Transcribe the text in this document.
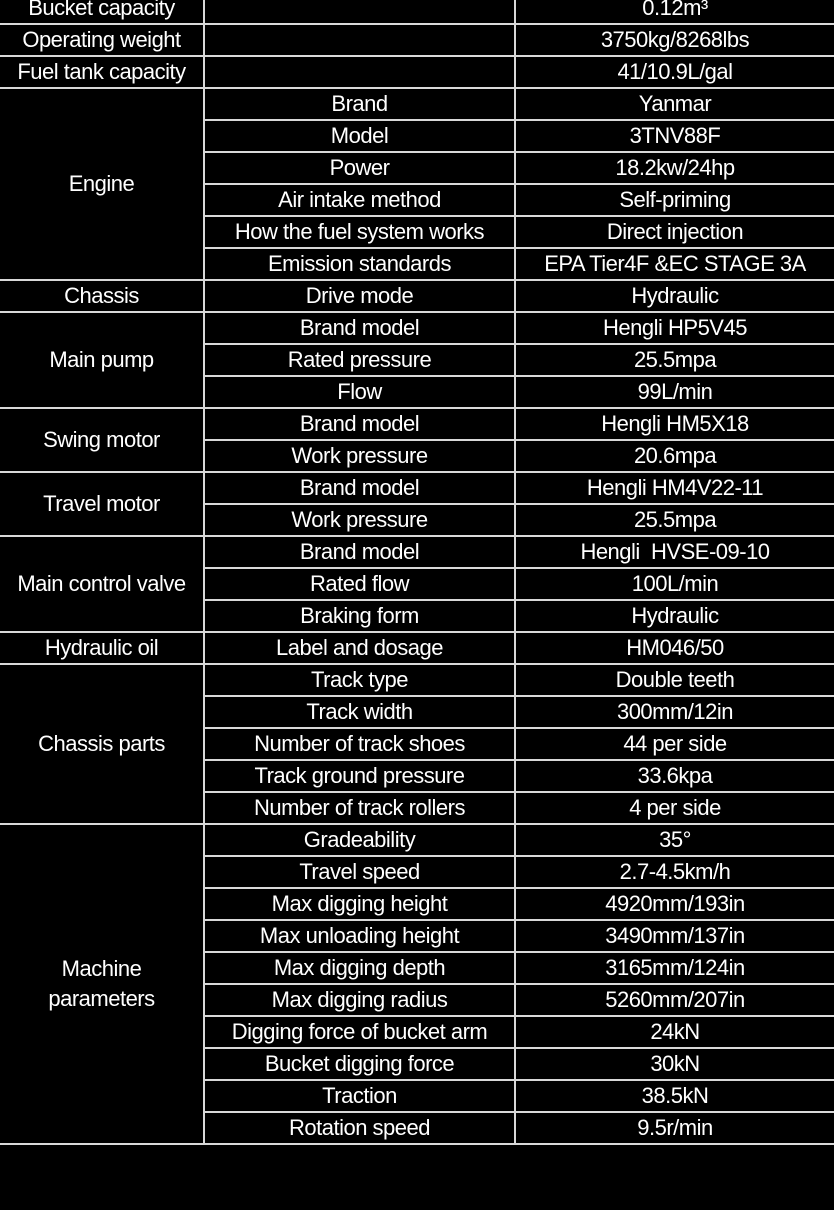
Bucket capacity		0.12m³
Operating weight		3750kg/8268lbs
Fuel tank capacity		41/10.9L/gal
Engine	Brand	Yanmar
	Model	3TNV88F
	Power	18.2kw/24hp
	Air intake method	Self-priming
	How the fuel system works	Direct injection
	Emission standards	EPA Tier4F &EC STAGE 3A
Chassis	Drive mode	Hydraulic
Main pump	Brand model	Hengli HP5V45
	Rated pressure	25.5mpa
	Flow	99L/min
Swing motor	Brand model	Hengli HM5X18
	Work pressure	20.6mpa
Travel motor	Brand model	Hengli HM4V22-11
	Work pressure	25.5mpa
Main control valve	Brand model	Hengli  HVSE-09-10
	Rated flow	100L/min
	Braking form	Hydraulic
Hydraulic oil	Label and dosage	HM046/50
Chassis parts	Track type	Double teeth
	Track width	300mm/12in
	Number of track shoes	44 per side
	Track ground pressure	33.6kpa
	Number of track rollers	4 per side
Machine parameters	Gradeability	35°
	Travel speed	2.7-4.5km/h
	Max digging height	4920mm/193in
	Max unloading height	3490mm/137in
	Max digging depth	3165mm/124in
	Max digging radius	5260mm/207in
	Digging force of bucket arm	24kN
	Bucket digging force	30kN
	Traction	38.5kN
	Rotation speed	9.5r/min
